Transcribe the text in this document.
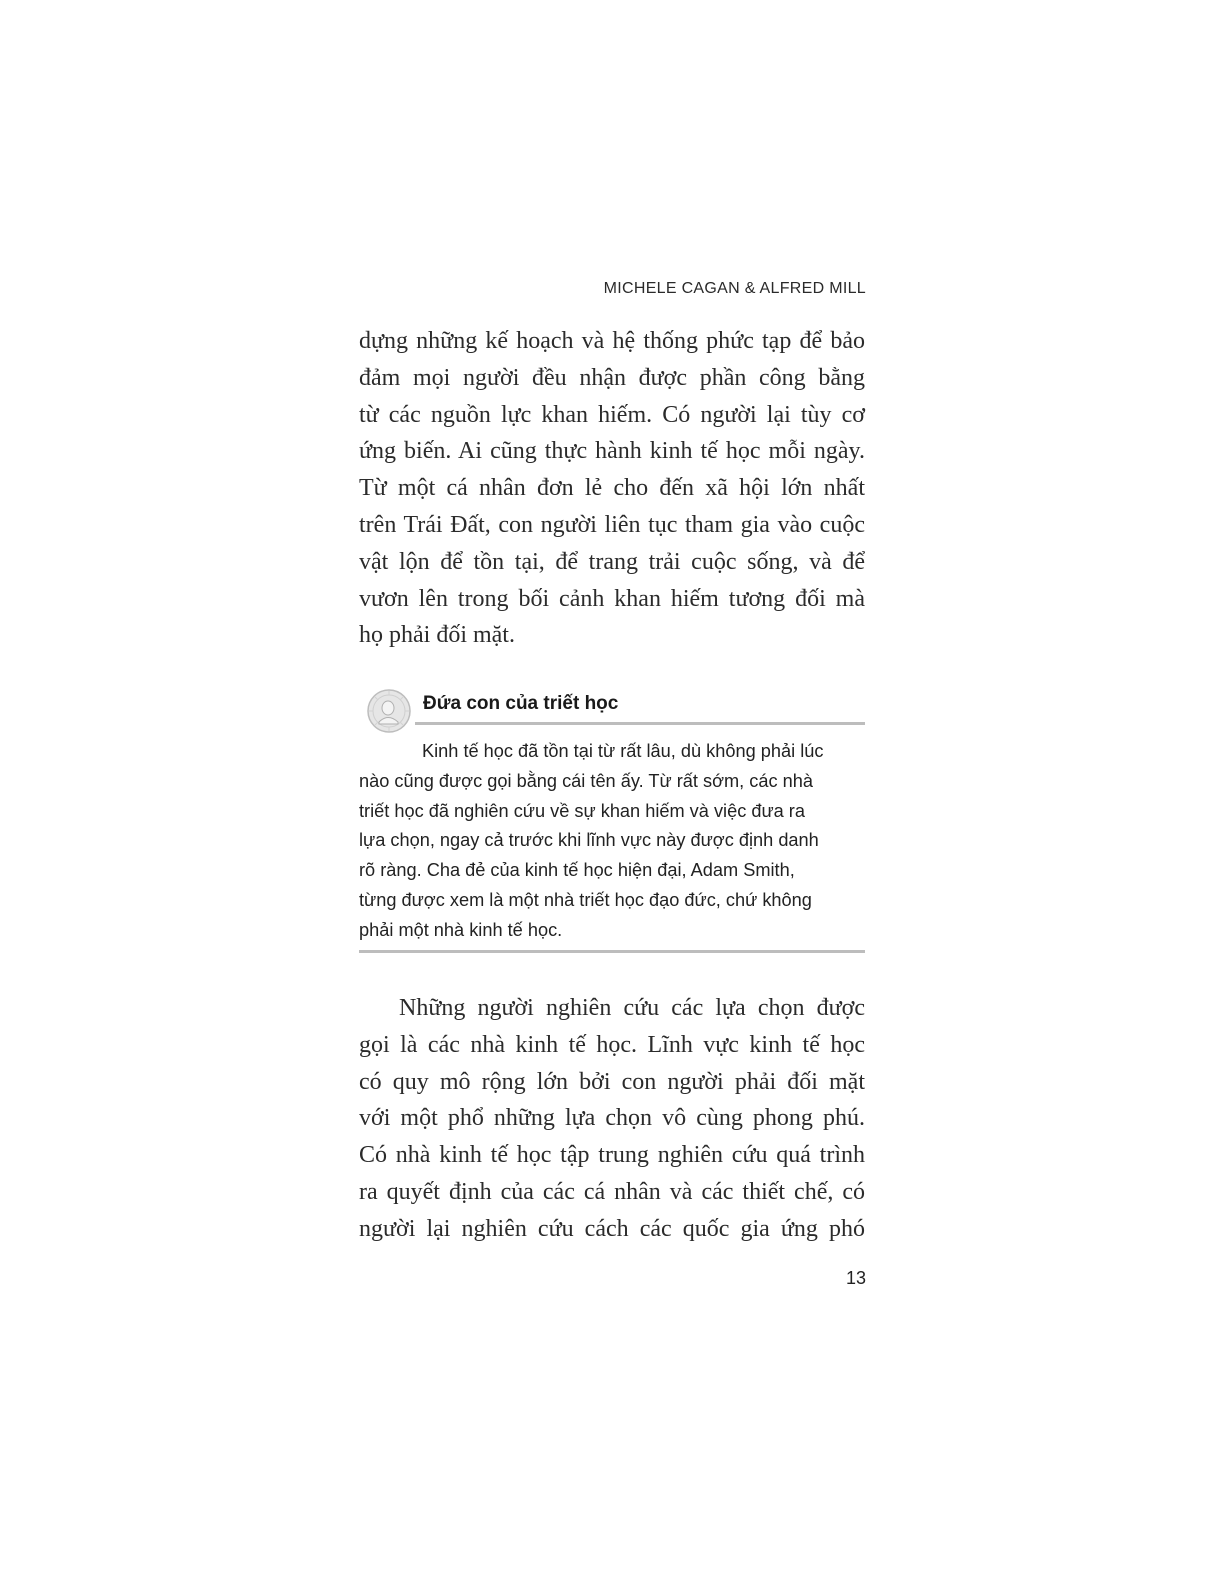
MICHELE CAGAN & ALFRED MILL
dựng những kế hoạch và hệ thống phức tạp để bảo
đảm mọi người đều nhận được phần công bằng
từ các nguồn lực khan hiếm. Có người lại tùy cơ
ứng biến. Ai cũng thực hành kinh tế học mỗi ngày.
Từ một cá nhân đơn lẻ cho đến xã hội lớn nhất
trên Trái Đất, con người liên tục tham gia vào cuộc
vật lộn để tồn tại, để trang trải cuộc sống, và để
vươn lên trong bối cảnh khan hiếm tương đối mà
họ phải đối mặt.
Đứa con của triết học
Kinh tế học đã tồn tại từ rất lâu, dù không phải lúc
nào cũng được gọi bằng cái tên ấy. Từ rất sớm, các nhà
triết học đã nghiên cứu về sự khan hiếm và việc đưa ra
lựa chọn, ngay cả trước khi lĩnh vực này được định danh
rõ ràng. Cha đẻ của kinh tế học hiện đại, Adam Smith,
từng được xem là một nhà triết học đạo đức, chứ không
phải một nhà kinh tế học.
Những người nghiên cứu các lựa chọn được
gọi là các nhà kinh tế học. Lĩnh vực kinh tế học
có quy mô rộng lớn bởi con người phải đối mặt
với một phổ những lựa chọn vô cùng phong phú.
Có nhà kinh tế học tập trung nghiên cứu quá trình
ra quyết định của các cá nhân và các thiết chế, có
người lại nghiên cứu cách các quốc gia ứng phó
13
